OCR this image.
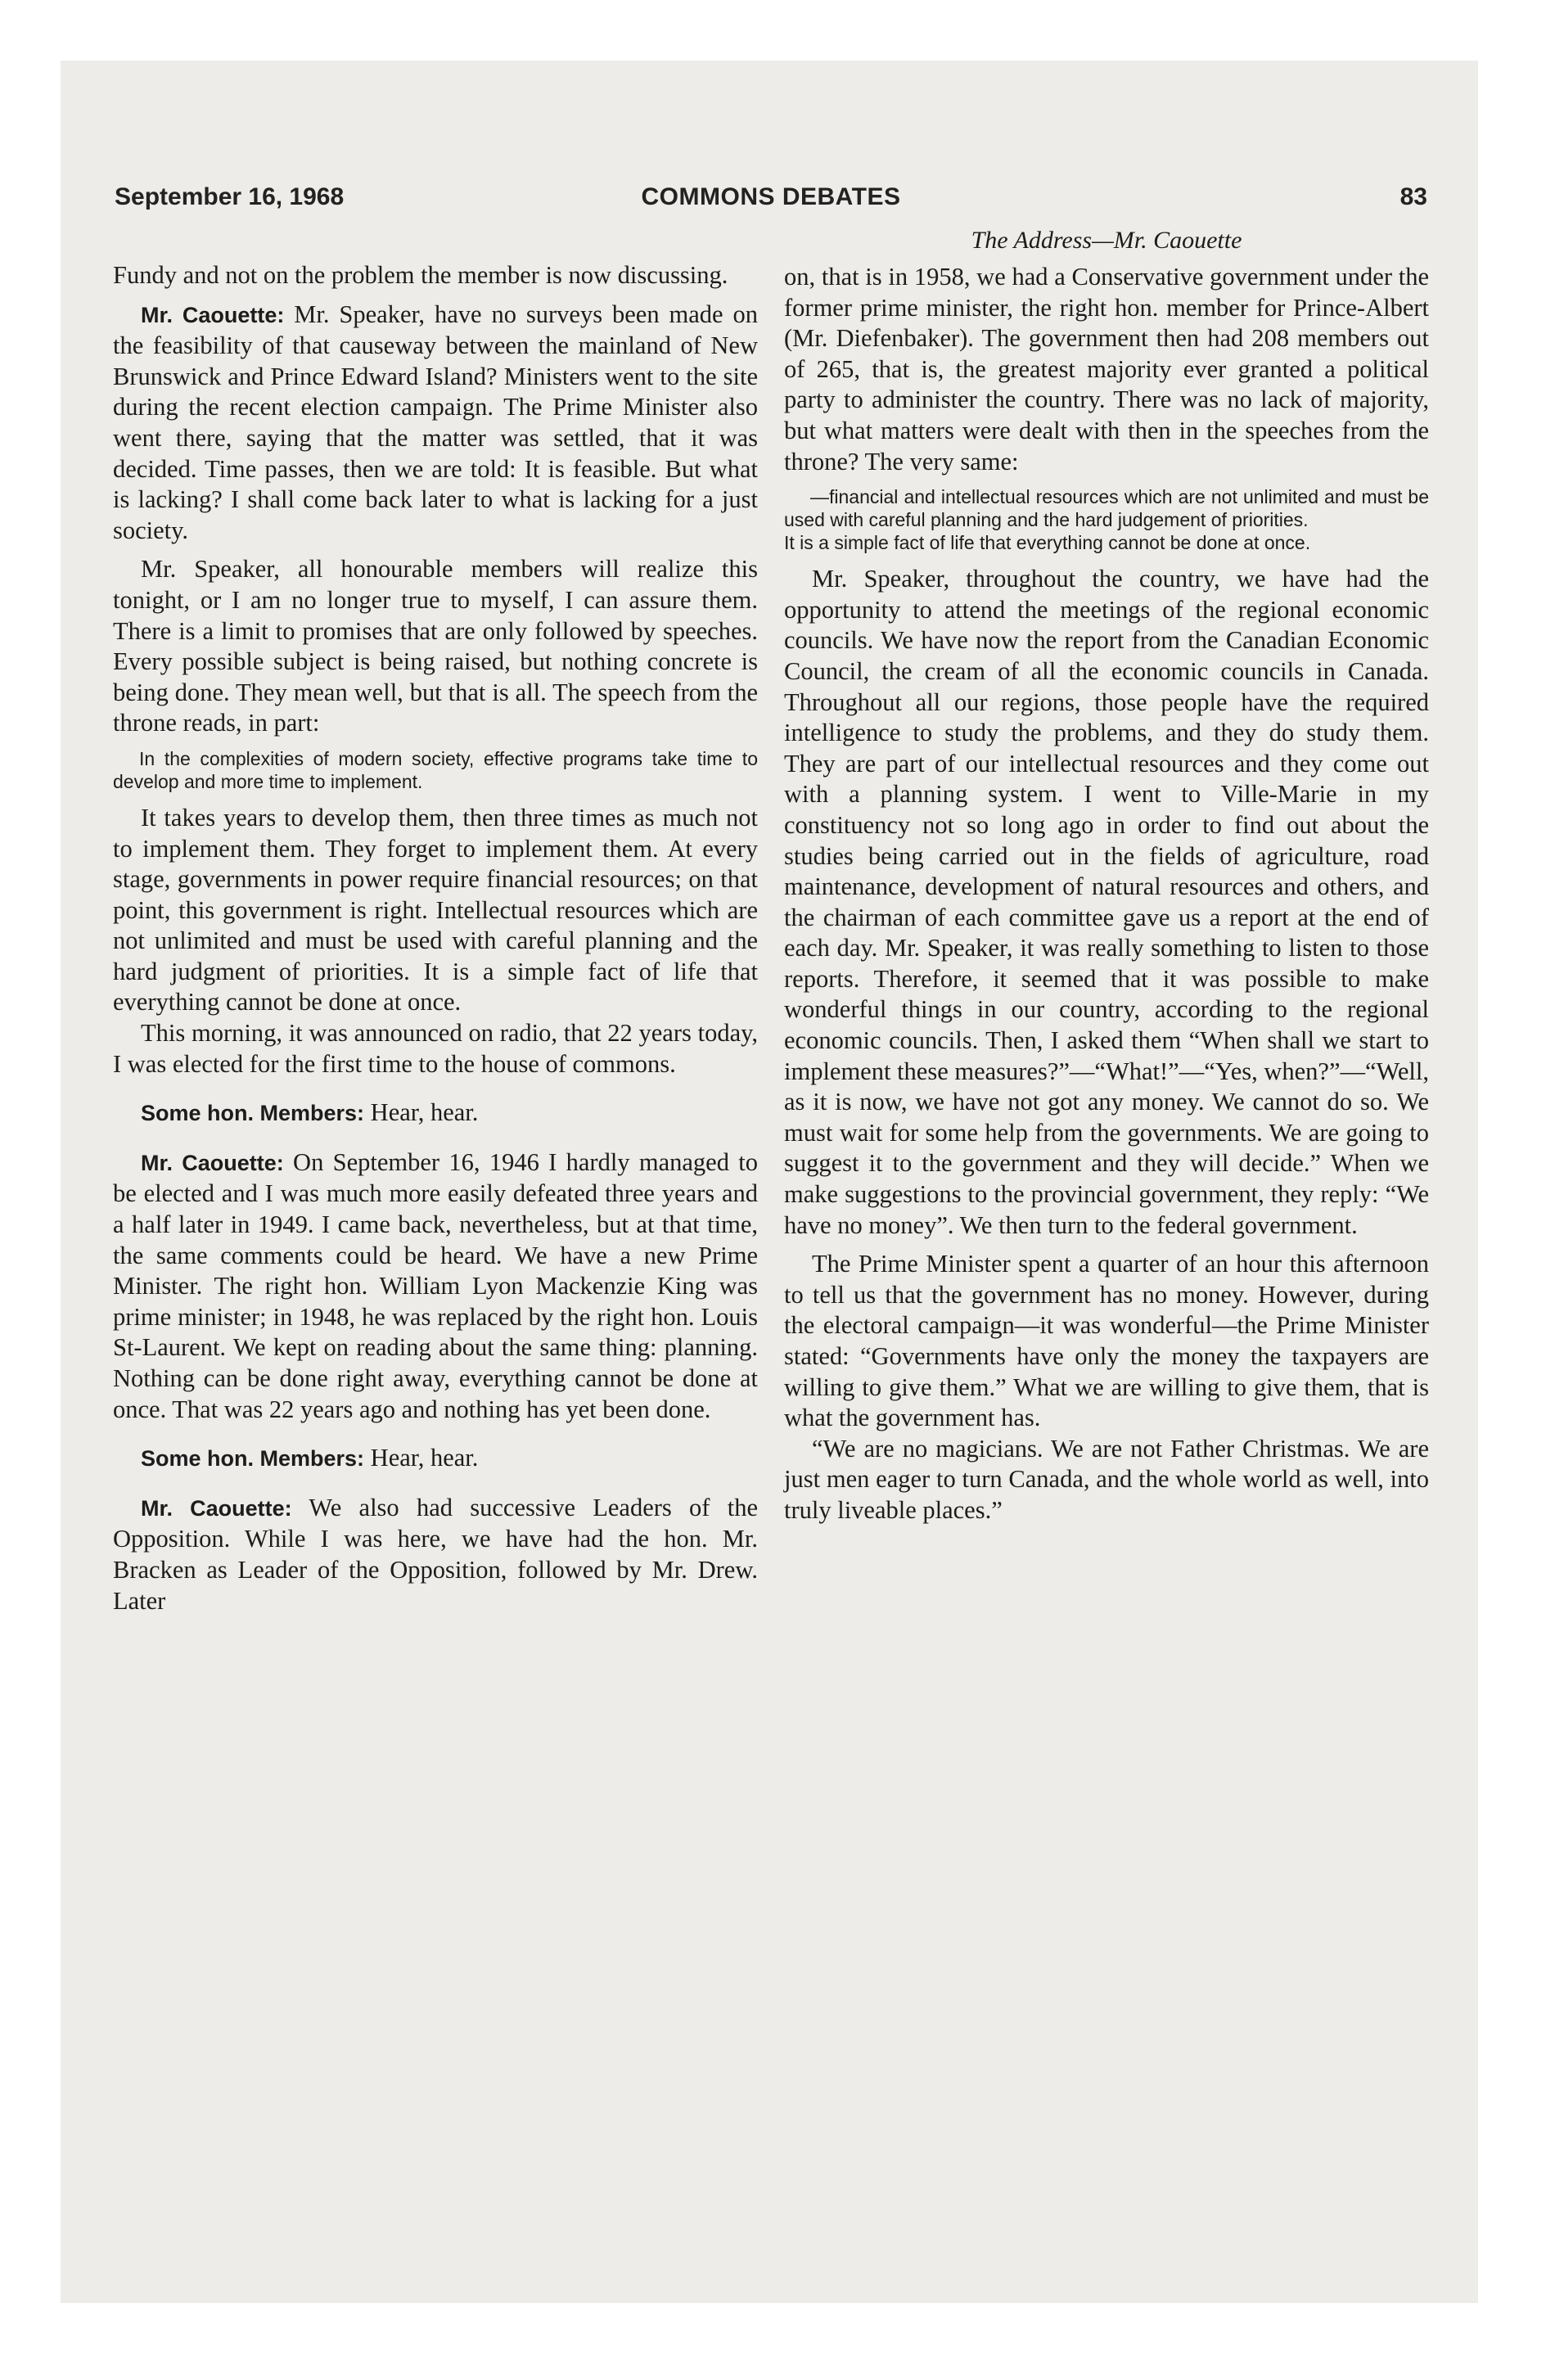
September 16, 1968	COMMONS DEBATES	83

Fundy and not on the problem the member is now discussing.

Mr. Caouette: Mr. Speaker, have no surveys been made on the feasibility of that causeway between the mainland of New Brunswick and Prince Edward Island? Ministers went to the site during the recent election campaign. The Prime Minister also went there, saying that the matter was settled, that it was decided. Time passes, then we are told: It is feasible. But what is lacking? I shall come back later to what is lacking for a just society.

Mr. Speaker, all honourable members will realize this tonight, or I am no longer true to myself, I can assure them. There is a limit to promises that are only followed by speeches. Every possible subject is being raised, but nothing concrete is being done. They mean well, but that is all. The speech from the throne reads, in part:

In the complexities of modern society, effective programs take time to develop and more time to implement.

It takes years to develop them, then three times as much not to implement them. They forget to implement them. At every stage, governments in power require financial resources; on that point, this government is right. Intellectual resources which are not unlimited and must be used with careful planning and the hard judgment of priorities. It is a simple fact of life that everything cannot be done at once.

This morning, it was announced on radio, that 22 years today, I was elected for the first time to the house of commons.

Some hon. Members: Hear, hear.

Mr. Caouette: On September 16, 1946 I hardly managed to be elected and I was much more easily defeated three years and a half later in 1949. I came back, nevertheless, but at that time, the same comments could be heard. We have a new Prime Minister. The right hon. William Lyon Mackenzie King was prime minister; in 1948, he was replaced by the right hon. Louis St-Laurent. We kept on reading about the same thing: planning. Nothing can be done right away, everything cannot be done at once. That was 22 years ago and nothing has yet been done.

Some hon. Members: Hear, hear.

Mr. Caouette: We also had successive Leaders of the Opposition. While I was here, we have had the hon. Mr. Bracken as Leader of the Opposition, followed by Mr. Drew. Later

The Address—Mr. Caouette

on, that is in 1958, we had a Conservative government under the former prime minister, the right hon. member for Prince-Albert (Mr. Diefenbaker). The government then had 208 members out of 265, that is, the greatest majority ever granted a political party to administer the country. There was no lack of majority, but what matters were dealt with then in the speeches from the throne? The very same:

—financial and intellectual resources which are not unlimited and must be used with careful planning and the hard judgement of priorities.
It is a simple fact of life that everything cannot be done at once.

Mr. Speaker, throughout the country, we have had the opportunity to attend the meetings of the regional economic councils. We have now the report from the Canadian Economic Council, the cream of all the economic councils in Canada. Throughout all our regions, those people have the required intelligence to study the problems, and they do study them. They are part of our intellectual resources and they come out with a planning system. I went to Ville-Marie in my constituency not so long ago in order to find out about the studies being carried out in the fields of agriculture, road maintenance, development of natural resources and others, and the chairman of each committee gave us a report at the end of each day. Mr. Speaker, it was really something to listen to those reports. Therefore, it seemed that it was possible to make wonderful things in our country, according to the regional economic councils. Then, I asked them “When shall we start to implement these measures?”—“What!”—“Yes, when?”—“Well, as it is now, we have not got any money. We cannot do so. We must wait for some help from the governments. We are going to suggest it to the government and they will decide.” When we make suggestions to the provincial government, they reply: “We have no money”. We then turn to the federal government.

The Prime Minister spent a quarter of an hour this afternoon to tell us that the government has no money. However, during the electoral campaign—it was wonderful—the Prime Minister stated: “Governments have only the money the taxpayers are willing to give them.” What we are willing to give them, that is what the government has.

“We are no magicians. We are not Father Christmas. We are just men eager to turn Canada, and the whole world as well, into truly liveable places.”
